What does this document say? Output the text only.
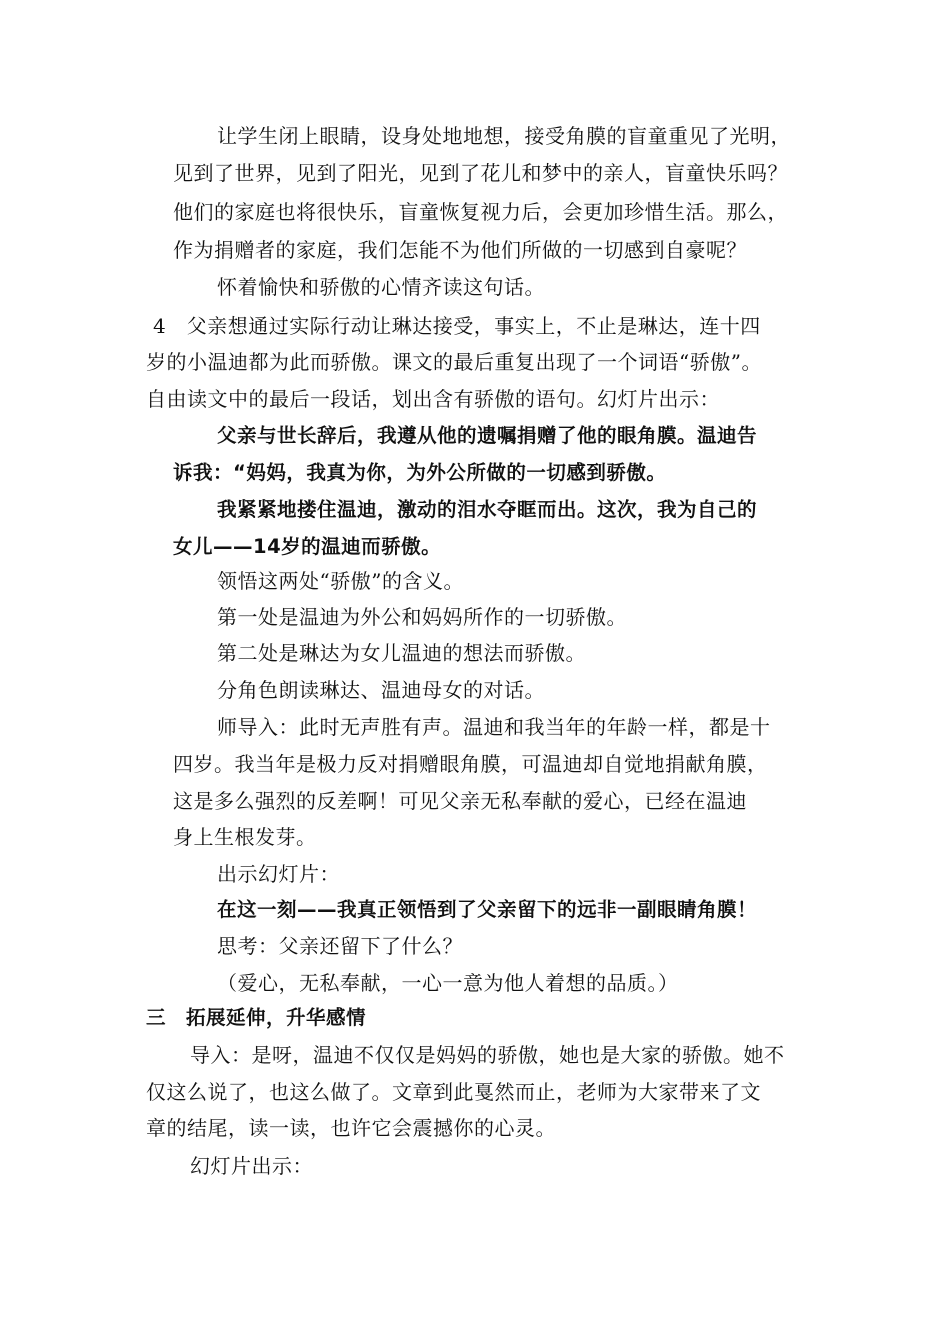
让学生闭上眼睛，设身处地地想，接受角膜的盲童重见了光明，
见到了世界，见到了阳光，见到了花儿和梦中的亲人，盲童快乐吗？
他们的家庭也将很快乐，盲童恢复视力后，会更加珍惜生活。那么，
作为捐赠者的家庭，我们怎能不为他们所做的一切感到自豪呢？
怀着愉快和骄傲的心情齐读这句话。
4　父亲想通过实际行动让琳达接受，事实上，不止是琳达，连十四
岁的小温迪都为此而骄傲。课文的最后重复出现了一个词语“骄傲”。
自由读文中的最后一段话，划出含有骄傲的语句。幻灯片出示：
父亲与世长辞后，我遵从他的遗嘱捐赠了他的眼角膜。温迪告
诉我：“妈妈，我真为你，为外公所做的一切感到骄傲。
我紧紧地搂住温迪，激动的泪水夺眶而出。这次，我为自己的
女儿——14岁的温迪而骄傲。
领悟这两处“骄傲”的含义。
第一处是温迪为外公和妈妈所作的一切骄傲。
第二处是琳达为女儿温迪的想法而骄傲。
分角色朗读琳达、温迪母女的对话。
师导入：此时无声胜有声。温迪和我当年的年龄一样，都是十
四岁。我当年是极力反对捐赠眼角膜，可温迪却自觉地捐献角膜，
这是多么强烈的反差啊！可见父亲无私奉献的爱心，已经在温迪
身上生根发芽。
出示幻灯片：
在这一刻——我真正领悟到了父亲留下的远非一副眼睛角膜！
思考：父亲还留下了什么？
（爱心，无私奉献，一心一意为他人着想的品质。）
三　拓展延伸，升华感情
导入：是呀，温迪不仅仅是妈妈的骄傲，她也是大家的骄傲。她不
仅这么说了，也这么做了。文章到此戛然而止，老师为大家带来了文
章的结尾，读一读，也许它会震撼你的心灵。
幻灯片出示：
